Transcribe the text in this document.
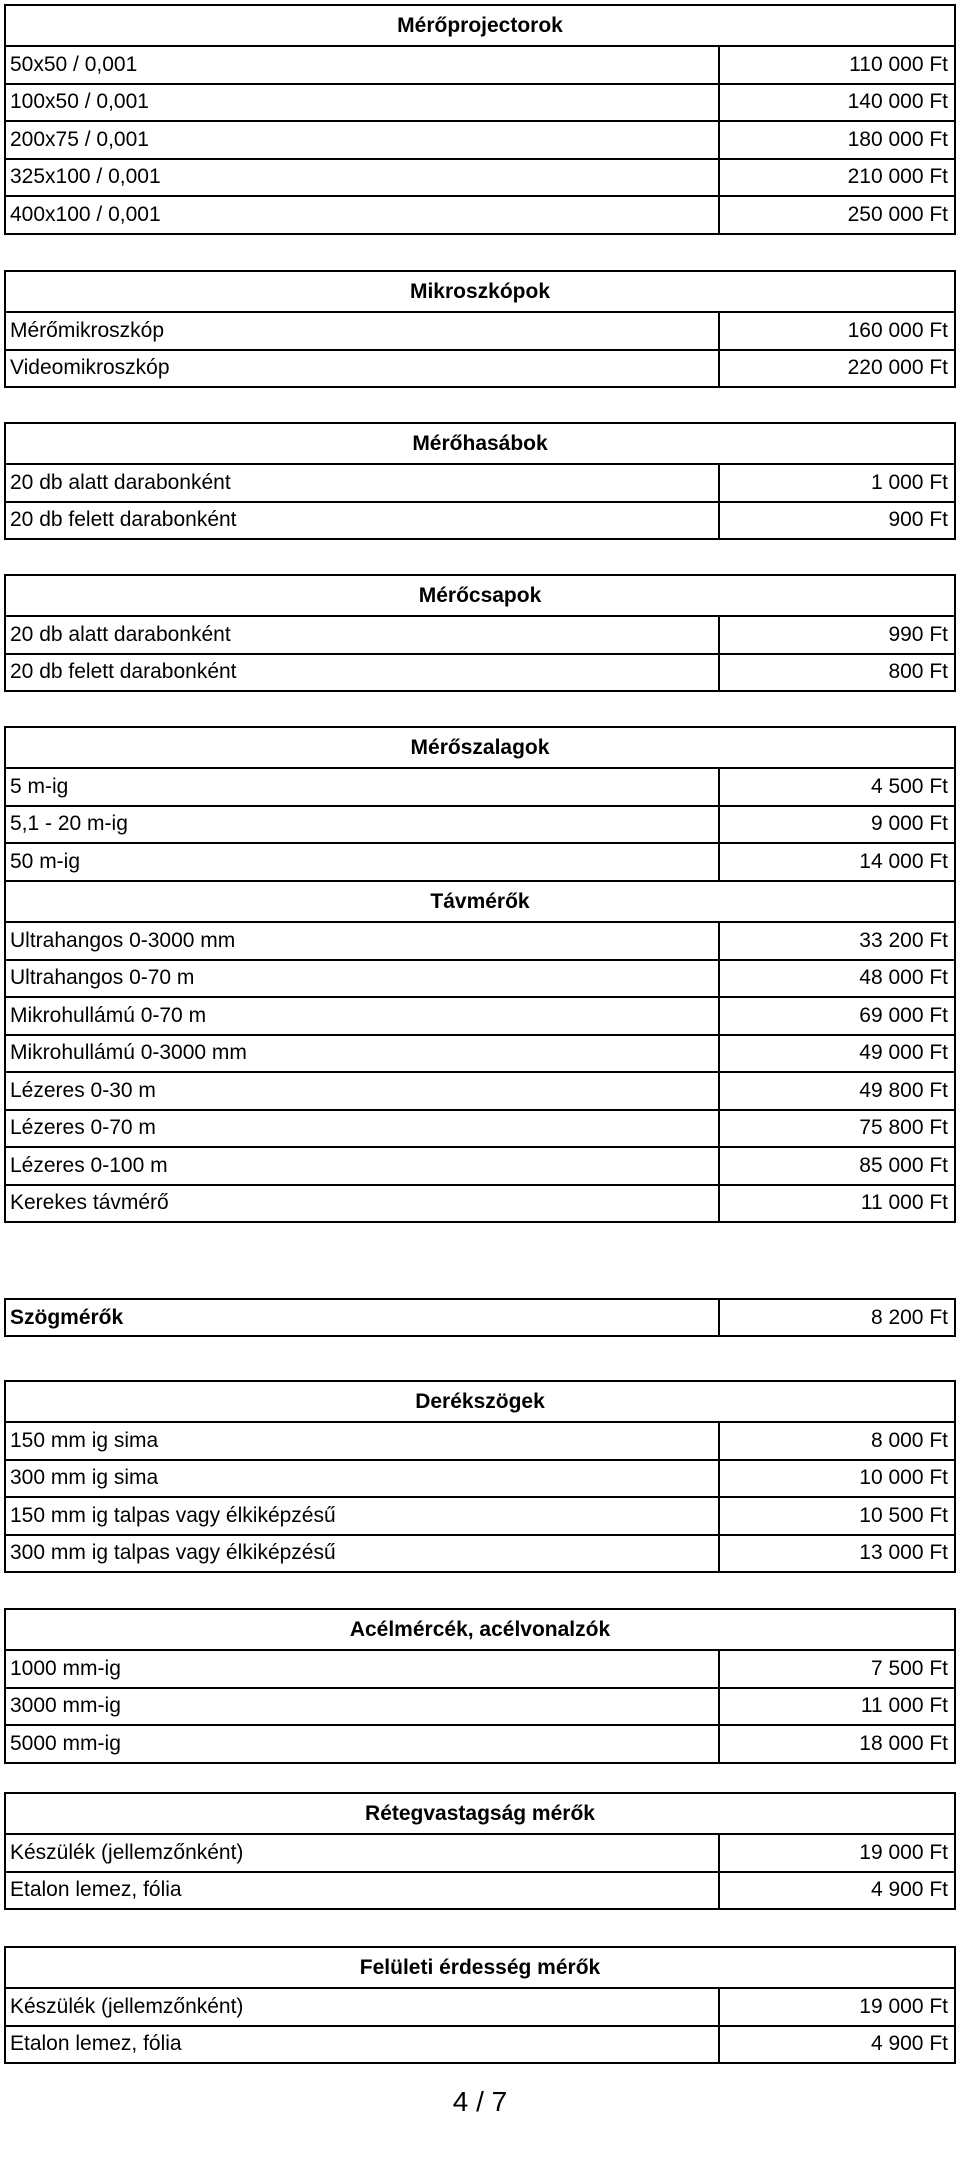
Mérőprojectorok
50x50 / 0,001	110 000 Ft
100x50 / 0,001	140 000 Ft
200x75 / 0,001	180 000 Ft
325x100 / 0,001	210 000 Ft
400x100 / 0,001	250 000 Ft
Mikroszkópok
Mérőmikroszkóp	160 000 Ft
Videomikroszkóp	220 000 Ft
Mérőhasábok
20 db alatt darabonként	1 000 Ft
20 db felett darabonként	900 Ft
Mérőcsapok
20 db alatt darabonként	990 Ft
20 db felett darabonként	800 Ft
Mérőszalagok
5 m-ig	4 500 Ft
5,1 - 20 m-ig	9 000 Ft
50 m-ig	14 000 Ft
Távmérők
Ultrahangos 0-3000 mm	33 200 Ft
Ultrahangos 0-70 m	48 000 Ft
Mikrohullámú 0-70 m	69 000 Ft
Mikrohullámú 0-3000 mm	49 000 Ft
Lézeres 0-30 m	49 800 Ft
Lézeres 0-70 m	75 800 Ft
Lézeres 0-100 m	85 000 Ft
Kerekes távmérő	11 000 Ft
Szögmérők	8 200 Ft
Derékszögek
150 mm ig sima	8 000 Ft
300 mm ig sima	10 000 Ft
150 mm ig talpas vagy élkiképzésű	10 500 Ft
300 mm ig talpas vagy élkiképzésű	13 000 Ft
Acélmércék, acélvonalzók
1000 mm-ig	7 500 Ft
3000 mm-ig	11 000 Ft
5000 mm-ig	18 000 Ft
Rétegvastagság mérők
Készülék (jellemzőnként)	19 000 Ft
Etalon lemez, fólia	4 900 Ft
Felületi érdesség mérők
Készülék (jellemzőnként)	19 000 Ft
Etalon lemez, fólia	4 900 Ft
4 / 7
